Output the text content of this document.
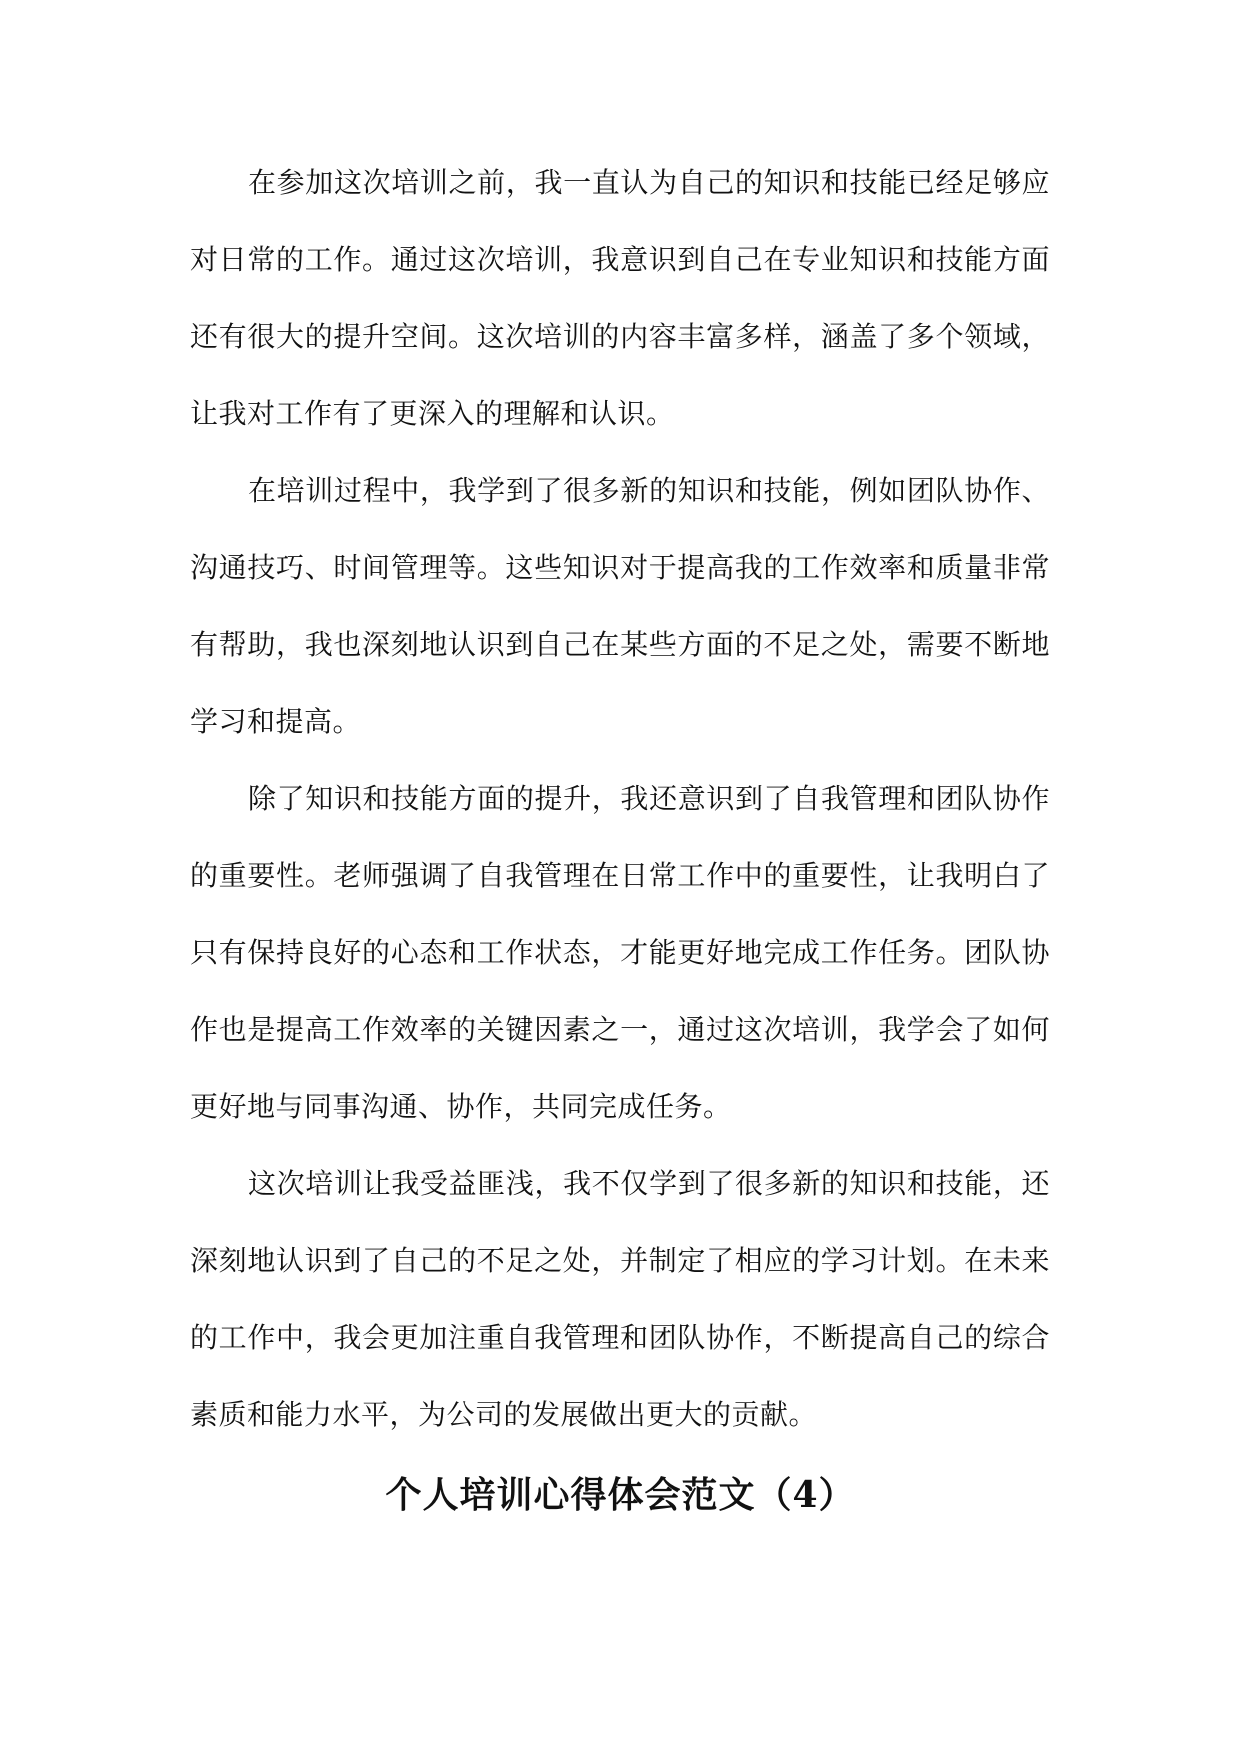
在参加这次培训之前，我一直认为自己的知识和技能已经足够应对日常的工作。通过这次培训，我意识到自己在专业知识和技能方面还有很大的提升空间。这次培训的内容丰富多样，涵盖了多个领域，让我对工作有了更深入的理解和认识。

在培训过程中，我学到了很多新的知识和技能，例如团队协作、沟通技巧、时间管理等。这些知识对于提高我的工作效率和质量非常有帮助，我也深刻地认识到自己在某些方面的不足之处，需要不断地学习和提高。

除了知识和技能方面的提升，我还意识到了自我管理和团队协作的重要性。老师强调了自我管理在日常工作中的重要性，让我明白了只有保持良好的心态和工作状态，才能更好地完成工作任务。团队协作也是提高工作效率的关键因素之一，通过这次培训，我学会了如何更好地与同事沟通、协作，共同完成任务。

这次培训让我受益匪浅，我不仅学到了很多新的知识和技能，还深刻地认识到了自己的不足之处，并制定了相应的学习计划。在未来的工作中，我会更加注重自我管理和团队协作，不断提高自己的综合素质和能力水平，为公司的发展做出更大的贡献。

个人培训心得体会范文（4）
